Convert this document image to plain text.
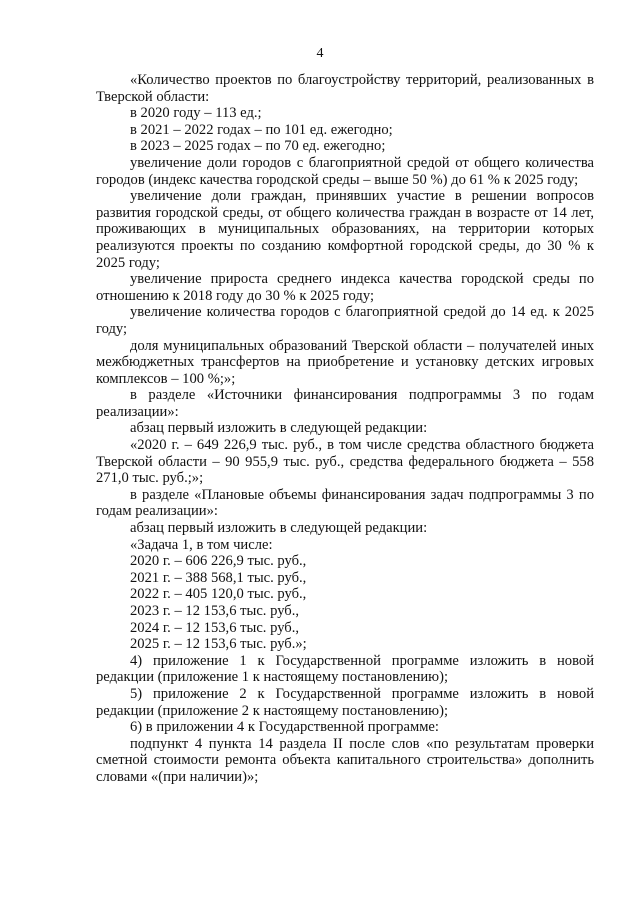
4

«Количество проектов по благоустройству территорий, реализованных в Тверской области:

в 2020 году – 113 ед.;

в 2021 – 2022 годах – по 101 ед. ежегодно;

в 2023 – 2025 годах – по 70 ед. ежегодно;

увеличение доли городов с благоприятной средой от общего количества городов (индекс качества городской среды – выше 50 %) до 61 % к 2025 году;

увеличение доли граждан, принявших участие в решении вопросов развития городской среды, от общего количества граждан в возрасте от 14 лет, проживающих в муниципальных образованиях, на территории которых реализуются проекты по созданию комфортной городской среды, до 30 % к 2025 году;

увеличение прироста среднего индекса качества городской среды по отношению к 2018 году до 30 % к 2025 году;

увеличение количества городов с благоприятной средой до 14 ед. к 2025 году;

доля муниципальных образований Тверской области – получателей иных межбюджетных трансфертов на приобретение и установку детских игровых комплексов – 100 %;»;

в разделе «Источники финансирования подпрограммы 3 по годам реализации»:

абзац первый изложить в следующей редакции:

«2020 г. – 649 226,9 тыс. руб., в том числе средства областного бюджета Тверской области – 90 955,9 тыс. руб., средства федерального бюджета – 558 271,0 тыс. руб.;»;

в разделе «Плановые объемы финансирования задач подпрограммы 3 по годам реализации»:

абзац первый изложить в следующей редакции:

«Задача 1, в том числе:

2020 г. – 606 226,9 тыс. руб.,

2021 г. – 388 568,1 тыс. руб.,

2022 г. – 405 120,0 тыс. руб.,

2023 г. – 12 153,6 тыс. руб.,

2024 г. – 12 153,6 тыс. руб.,

2025 г. – 12 153,6 тыс. руб.»;

4) приложение 1 к Государственной программе изложить в новой редакции (приложение 1 к настоящему постановлению);

5) приложение 2 к Государственной программе изложить в новой редакции (приложение 2 к настоящему постановлению);

6) в приложении 4 к Государственной программе:

подпункт 4 пункта 14 раздела II после слов «по результатам проверки сметной стоимости ремонта объекта капитального строительства» дополнить словами «(при наличии)»;
